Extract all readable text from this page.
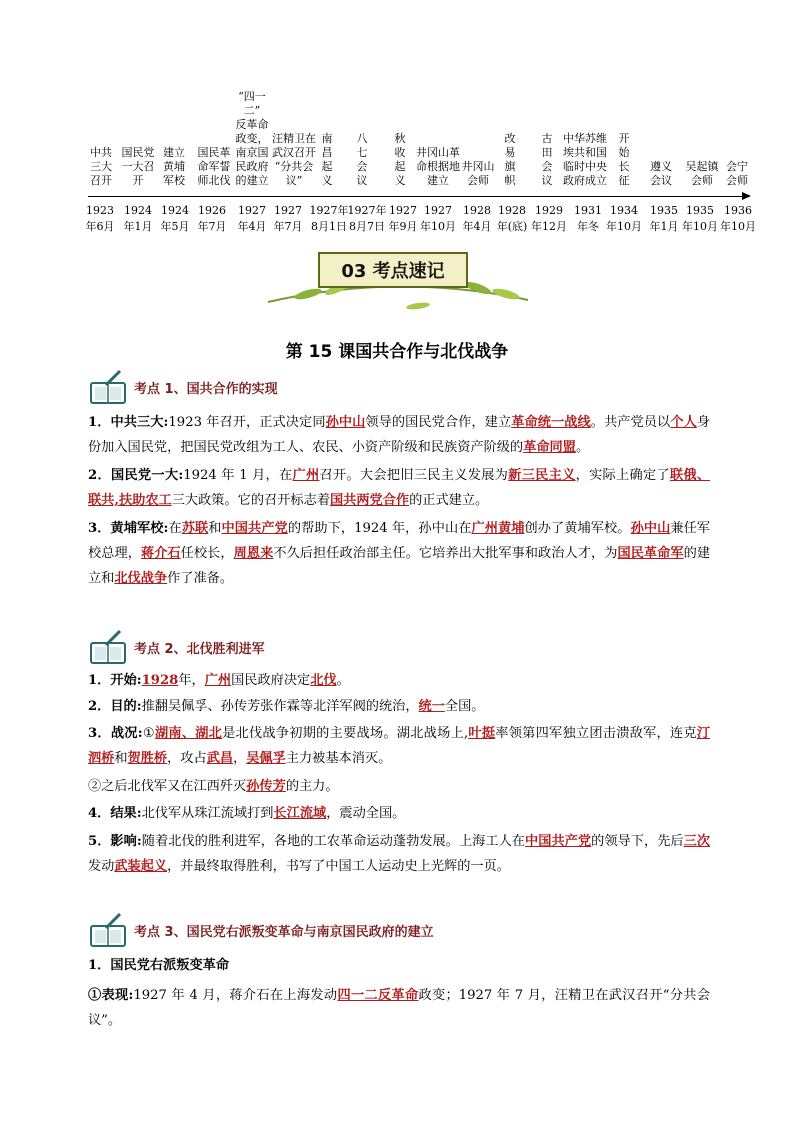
中共
三大
召开
国民党
一大召
开
建立
黄埔
军校
国民革
命军誓
师北伐
“四一二”
反革命
政变，
南京国
民政府
的建立
汪精卫在
武汉召开
“分共会
议”
南
昌
起
义
八
七
会
议
秋
收
起
义
井冈山革
命根据地
建立
井冈山
会师
改
易
旗
帜
古
田
会
议
中华苏维
埃共和国
临时中央
政府成立
开
始
长
征
遵义
会议
吴起镇
会师
会宁
会师
1923
年6月
1924
年1月
1924
年5月
1926
年7月
1927
年4月
1927
年7月
1927年
8月1日
1927年
8月7日
1927
年9月
1927
年10月
1928
年4月
1928
年(底)
1929
年12月
1931
年冬
1934
年10月
1935
年1月
1935
年10月
1936
年10月
03 考点速记
第 15 课国共合作与北伐战争
考点 1、国共合作的实现
1．中共三大:1923 年召开，正式决定同孙中山领导的国民党合作，建立革命统一战线。共产党员以个人身份加入国民党，把国民党改组为工人、农民、小资产阶级和民族资产阶级的革命同盟。
2．国民党一大:1924 年 1 月，在广州召开。大会把旧三民主义发展为新三民主义，实际上确定了联俄、联共,扶助农工三大政策。它的召开标志着国共两党合作的正式建立。
3．黄埔军校:在苏联和中国共产党的帮助下，1924 年，孙中山在广州黄埔创办了黄埔军校。孙中山兼任军校总理，蒋介石任校长，周恩来不久后担任政治部主任。它培养出大批军事和政治人才，为国民革命军的建立和北伐战争作了准备。
考点 2、北伐胜利进军
1．开始:1928年，广州国民政府决定北伐。
2．目的:推翻吴佩孚、孙传芳张作霖等北洋军阀的统治，统一全国。
3．战况:①湖南、湖北是北伐战争初期的主要战场。湖北战场上,叶挺率领第四军独立团击溃敌军，连克汀泗桥和贺胜桥，攻占武昌，吴佩孚主力被基本消灭。
②之后北伐军又在江西歼灭孙传芳的主力。
4．结果:北伐军从珠江流域打到长江流域，震动全国。
5．影响:随着北伐的胜利进军，各地的工农革命运动蓬勃发展。上海工人在中国共产党的领导下，先后三次发动武装起义，并最终取得胜利，书写了中国工人运动史上光辉的一页。
考点 3、国民党右派叛变革命与南京国民政府的建立
1．国民党右派叛变革命
①表现:1927 年 4 月，蒋介石在上海发动四一二反革命政变；1927 年 7 月，汪精卫在武汉召开“分共会议”。
